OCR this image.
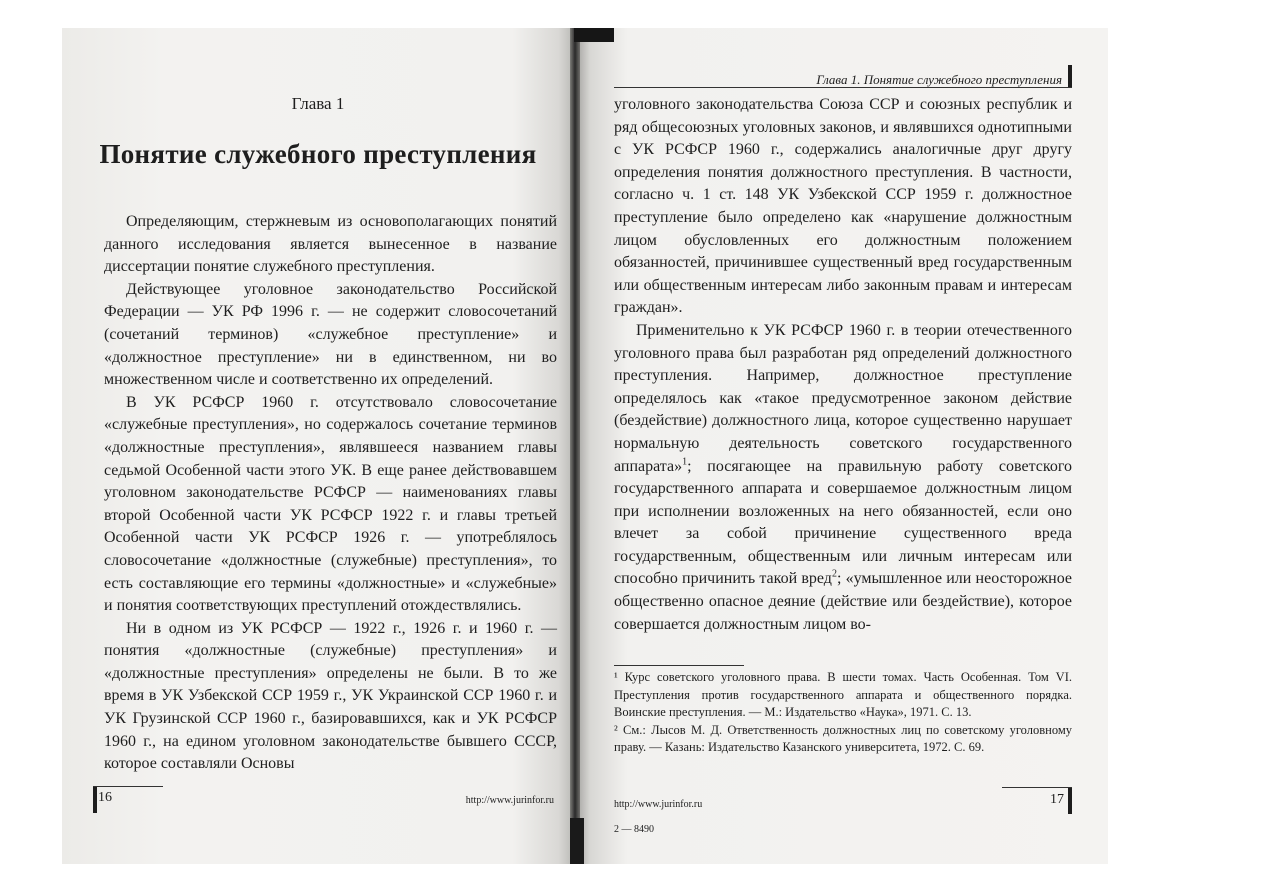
Глава 1
Понятие служебного преступления

Определяющим, стержневым из основополагающих понятий данного исследования является вынесенное в название диссертации понятие служебного преступления.

Действующее уголовное законодательство Российской Федерации — УК РФ 1996 г. — не содержит словосочетаний (сочетаний терминов) «служебное преступление» и «должностное преступление» ни в единственном, ни во множественном числе и соответственно их определений.

В УК РСФСР 1960 г. отсутствовало словосочетание «служебные преступления», но содержалось сочетание терминов «должностные преступления», являвшееся названием главы седьмой Особенной части этого УК. В еще ранее действовавшем уголовном законодательстве РСФСР — наименованиях главы второй Особенной части УК РСФСР 1922 г. и главы третьей Особенной части УК РСФСР 1926 г. — употреблялось словосочетание «должностные (служебные) преступления», то есть составляющие его термины «должностные» и «служебные» и понятия соответствующих преступлений отождествлялись.

Ни в одном из УК РСФСР — 1922 г., 1926 г. и 1960 г. — понятия «должностные (служебные) преступления» и «должностные преступления» определены не были. В то же время в УК Узбекской ССР 1959 г., УК Украинской ССР 1960 г. и УК Грузинской ССР 1960 г., базировавшихся, как и УК РСФСР 1960 г., на едином уголовном законодательстве бывшего СССР, которое составляли Основы

16	http://www.jurinfor.ru
Глава 1. Понятие служебного преступления

уголовного законодательства Союза ССР и союзных республик и ряд общесоюзных уголовных законов, и являвшихся однотипными с УК РСФСР 1960 г., содержались аналогичные друг другу определения понятия должностного преступления. В частности, согласно ч. 1 ст. 148 УК Узбекской ССР 1959 г. должностное преступление было определено как «нарушение должностным лицом обусловленных его должностным положением обязанностей, причинившее существенный вред государственным или общественным интересам либо законным правам и интересам граждан».

Применительно к УК РСФСР 1960 г. в теории отечественного уголовного права был разработан ряд определений должностного преступления. Например, должностное преступление определялось как «такое предусмотренное законом действие (бездействие) должностного лица, которое существенно нарушает нормальную деятельность советского государственного аппарата»$^1$; посягающее на правильную работу советского государственного аппарата и совершаемое должностным лицом при исполнении возложенных на него обязанностей, если оно влечет за собой причинение существенного вреда государственным, общественным или личным интересам или способно причинить такой вред$^2$; «умышленное или неосторожное общественно опасное деяние (действие или бездействие), которое совершается должностным лицом во-

¹ Курс советского уголовного права. В шести томах. Часть Особенная. Том VI. Преступления против государственного аппарата и общественного порядка. Воинские преступления. — М.: Издательство «Наука», 1971. С. 13.

² См.: Лысов М. Д. Ответственность должностных лиц по советскому уголовному праву. — Казань: Издательство Казанского университета, 1972. С. 69.

http://www.jurinfor.ru	17
2 — 8490
